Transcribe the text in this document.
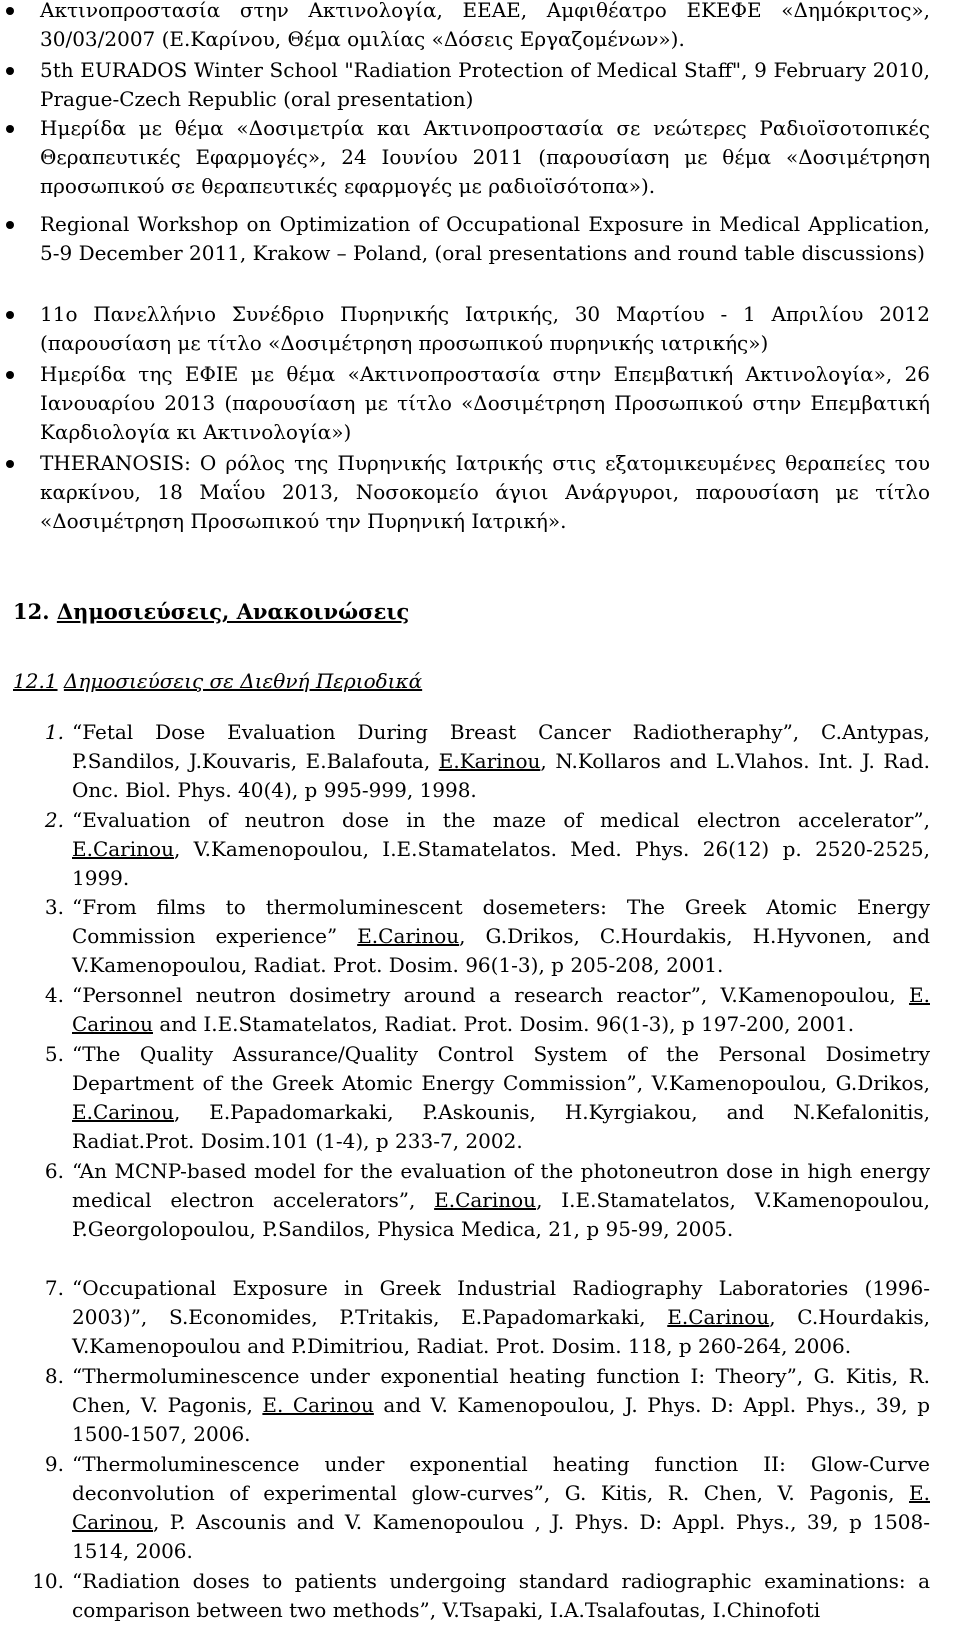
Ακτινοπροστασία στην Ακτινολογία, ΕΕΑΕ, Αμφιθέατρο ΕΚΕΦΕ «Δημόκριτος», 30/03/2007 (Ε.Καρίνου, Θέμα ομιλίας «Δόσεις Εργαζομένων»).
5th EURADOS Winter School "Radiation Protection of Medical Staff", 9 February 2010, Prague-Czech Republic (oral presentation)
Ημερίδα με θέμα «Δοσιμετρία και Ακτινοπροστασία σε νεώτερες Ραδιοϊσοτοπικές Θεραπευτικές Εφαρμογές», 24 Ιουνίου 2011 (παρουσίαση με θέμα «Δοσιμέτρηση προσωπικού σε θεραπευτικές εφαρμογές με ραδιοϊσότοπα»).
Regional Workshop on Optimization of Occupational Exposure in Medical Application, 5-9 December 2011, Krakow – Poland, (oral presentations and round table discussions)
11ο Πανελλήνιο Συνέδριο Πυρηνικής Ιατρικής, 30 Μαρτίου - 1 Απριλίου 2012 (παρουσίαση με τίτλο «Δοσιμέτρηση προσωπικού πυρηνικής ιατρικής»)
Ημερίδα της ΕΦΙΕ με θέμα «Ακτινοπροστασία στην Επεμβατική Ακτινολογία», 26 Ιανουαρίου 2013 (παρουσίαση με τίτλο «Δοσιμέτρηση Προσωπικού στην Επεμβατική Καρδιολογία κι Ακτινολογία»)
THERANOSIS: Ο ρόλος της Πυρηνικής Ιατρικής στις εξατομικευμένες θεραπείες του καρκίνου, 18 Μαΐου 2013, Νοσοκομείο άγιοι Ανάργυροι, παρουσίαση με τίτλο «Δοσιμέτρηση Προσωπικού την Πυρηνική Ιατρική».
12. Δημοσιεύσεις, Ανακοινώσεις
12.1 Δημοσιεύσεις σε Διεθνή Περιοδικά
1. “Fetal Dose Evaluation During Breast Cancer Radiotheraphy”, C.Antypas, P.Sandilos, J.Kouvaris, E.Balafouta, E.Karinou, N.Kollaros and L.Vlahos. Int. J. Rad. Onc. Biol. Phys. 40(4), p 995-999, 1998.
2. “Evaluation of neutron dose in the maze of medical electron accelerator”, E.Carinou, V.Kamenopoulou, I.E.Stamatelatos. Med. Phys. 26(12) p. 2520-2525, 1999.
3. “From films to thermoluminescent dosemeters: The Greek Atomic Energy Commission experience” E.Carinou, G.Drikos, C.Hourdakis, H.Hyvonen, and V.Kamenopoulou, Radiat. Prot. Dosim. 96(1-3), p 205-208, 2001.
4. “Personnel neutron dosimetry around a research reactor”, V.Kamenopoulou, E. Carinou and I.E.Stamatelatos, Radiat. Prot. Dosim. 96(1-3), p 197-200, 2001.
5. “The Quality Assurance/Quality Control System of the Personal Dosimetry Department of the Greek Atomic Energy Commission”, V.Kamenopoulou, G.Drikos, E.Carinou, E.Papadomarkaki, P.Askounis, H.Kyrgiakou, and N.Kefalonitis, Radiat.Prot. Dosim.101 (1-4), p 233-7, 2002.
6. “An MCNP-based model for the evaluation of the photoneutron dose in high energy medical electron accelerators”, E.Carinou, I.E.Stamatelatos, V.Kamenopoulou, P.Georgolopoulou, P.Sandilos, Physica Medica, 21, p 95-99, 2005.
7. “Occupational Exposure in Greek Industrial Radiography Laboratories (1996-2003)”, S.Economides, P.Tritakis, E.Papadomarkaki, E.Carinou, C.Hourdakis, V.Kamenopoulou and P.Dimitriou, Radiat. Prot. Dosim. 118, p 260-264, 2006.
8. “Thermoluminescence under exponential heating function I: Theory”, G. Kitis, R. Chen, V. Pagonis, E. Carinou and V. Kamenopoulou, J. Phys. D: Appl. Phys., 39, p 1500-1507, 2006.
9. “Thermoluminescence under exponential heating function II: Glow-Curve deconvolution of experimental glow-curves”, G. Kitis, R. Chen, V. Pagonis, E. Carinou, P. Ascounis and V. Kamenopoulou , J. Phys. D: Appl. Phys., 39, p 1508-1514, 2006.
10. “Radiation doses to patients undergoing standard radiographic examinations: a comparison between two methods”, V.Tsapaki, I.A.Tsalafoutas, I.Chinofoti
